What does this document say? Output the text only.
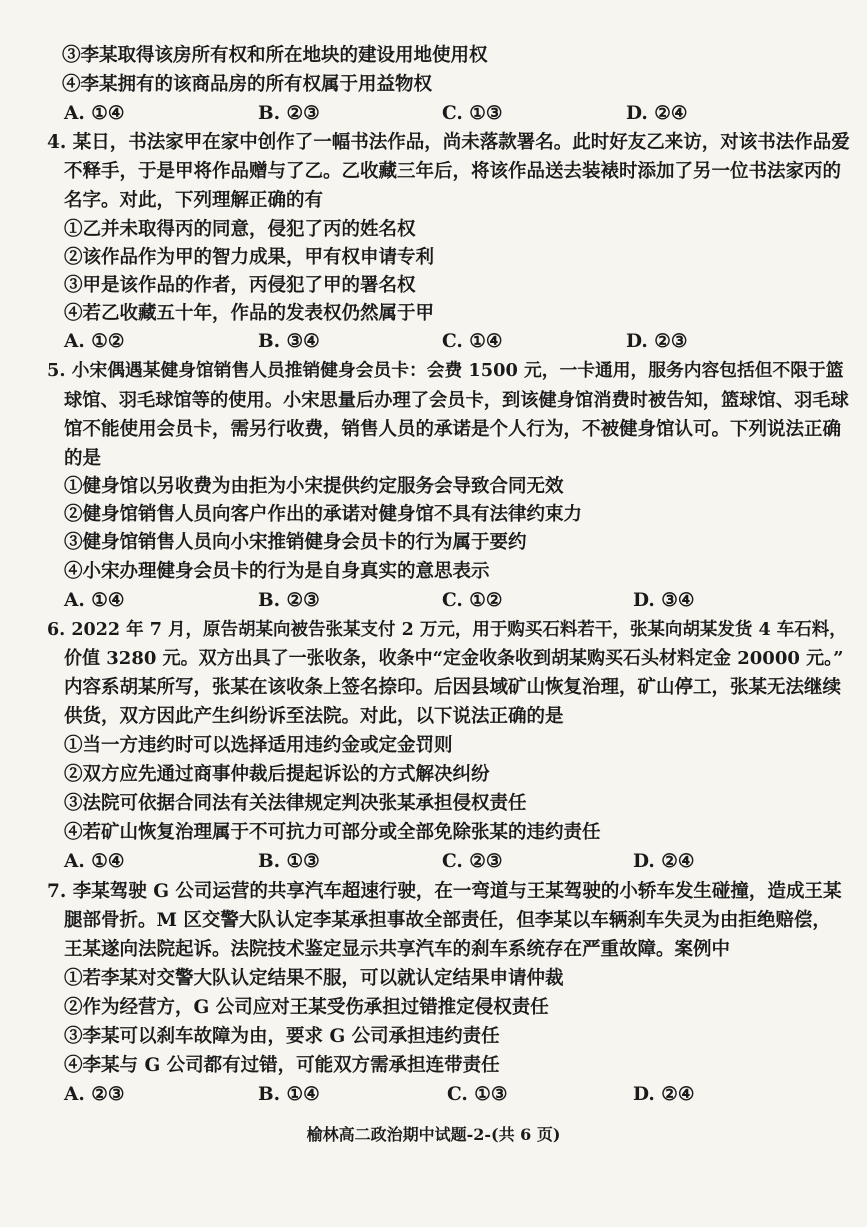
③李某取得该房所有权和所在地块的建设用地使用权
④李某拥有的该商品房的所有权属于用益物权
A. ①④	B. ②③	C. ①③	D. ②④
4. 某日，书法家甲在家中创作了一幅书法作品，尚未落款署名。此时好友乙来访，对该书法作品爱
不释手，于是甲将作品赠与了乙。乙收藏三年后，将该作品送去装裱时添加了另一位书法家丙的
名字。对此，下列理解正确的有
①乙并未取得丙的同意，侵犯了丙的姓名权
②该作品作为甲的智力成果，甲有权申请专利
③甲是该作品的作者，丙侵犯了甲的署名权
④若乙收藏五十年，作品的发表权仍然属于甲
A. ①②	B. ③④	C. ①④	D. ②③
5. 小宋偶遇某健身馆销售人员推销健身会员卡：会费 1500 元，一卡通用，服务内容包括但不限于篮
球馆、羽毛球馆等的使用。小宋思量后办理了会员卡，到该健身馆消费时被告知，篮球馆、羽毛球
馆不能使用会员卡，需另行收费，销售人员的承诺是个人行为，不被健身馆认可。下列说法正确
的是
①健身馆以另收费为由拒为小宋提供约定服务会导致合同无效
②健身馆销售人员向客户作出的承诺对健身馆不具有法律约束力
③健身馆销售人员向小宋推销健身会员卡的行为属于要约
④小宋办理健身会员卡的行为是自身真实的意思表示
A. ①④	B. ②③	C. ①②	D. ③④
6. 2022 年 7 月，原告胡某向被告张某支付 2 万元，用于购买石料若干，张某向胡某发货 4 车石料，
价值 3280 元。双方出具了一张收条，收条中“定金收条收到胡某购买石头材料定金 20000 元。”
内容系胡某所写，张某在该收条上签名捺印。后因县域矿山恢复治理，矿山停工，张某无法继续
供货，双方因此产生纠纷诉至法院。对此，以下说法正确的是
①当一方违约时可以选择适用违约金或定金罚则
②双方应先通过商事仲裁后提起诉讼的方式解决纠纷
③法院可依据合同法有关法律规定判决张某承担侵权责任
④若矿山恢复治理属于不可抗力可部分或全部免除张某的违约责任
A. ①④	B. ①③	C. ②③	D. ②④
7. 李某驾驶 G 公司运营的共享汽车超速行驶，在一弯道与王某驾驶的小轿车发生碰撞，造成王某
腿部骨折。M 区交警大队认定李某承担事故全部责任，但李某以车辆刹车失灵为由拒绝赔偿，
王某遂向法院起诉。法院技术鉴定显示共享汽车的刹车系统存在严重故障。案例中
①若李某对交警大队认定结果不服，可以就认定结果申请仲裁
②作为经营方，G 公司应对王某受伤承担过错推定侵权责任
③李某可以刹车故障为由，要求 G 公司承担违约责任
④李某与 G 公司都有过错，可能双方需承担连带责任
A. ②③	B. ①④	C. ①③	D. ②④
榆林高二政治期中试题-2-(共 6 页)
